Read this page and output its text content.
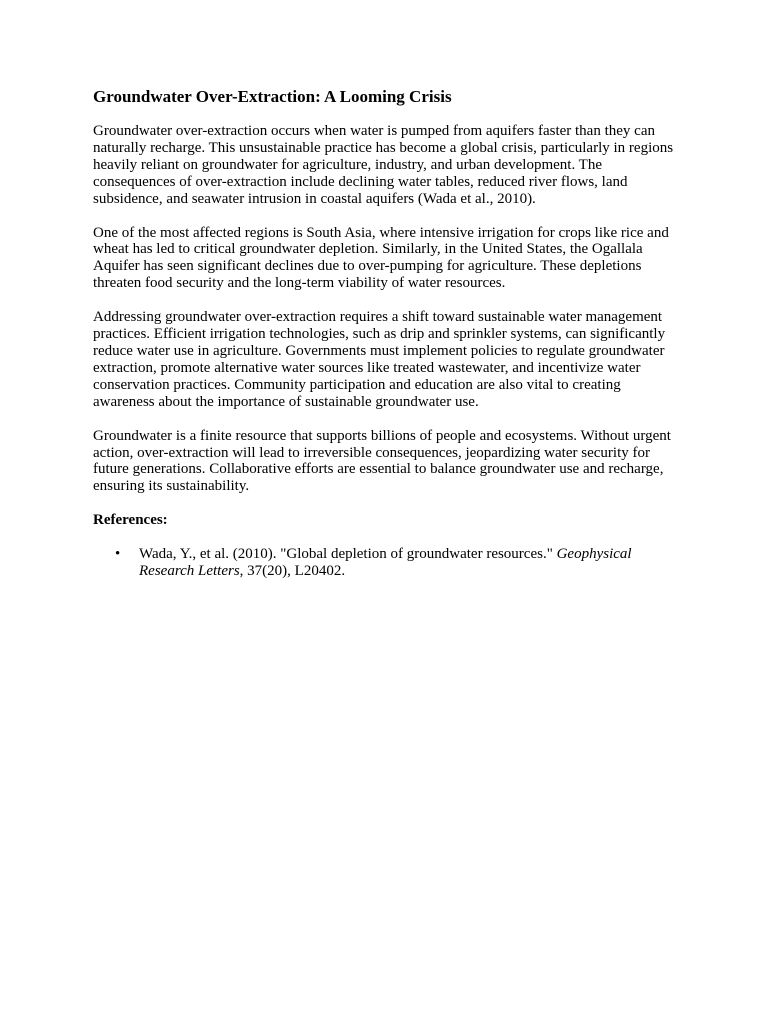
Groundwater Over-Extraction: A Looming Crisis

Groundwater over-extraction occurs when water is pumped from aquifers faster than they can naturally recharge. This unsustainable practice has become a global crisis, particularly in regions heavily reliant on groundwater for agriculture, industry, and urban development. The consequences of over-extraction include declining water tables, reduced river flows, land subsidence, and seawater intrusion in coastal aquifers (Wada et al., 2010).

One of the most affected regions is South Asia, where intensive irrigation for crops like rice and wheat has led to critical groundwater depletion. Similarly, in the United States, the Ogallala Aquifer has seen significant declines due to over-pumping for agriculture. These depletions threaten food security and the long-term viability of water resources.

Addressing groundwater over-extraction requires a shift toward sustainable water management practices. Efficient irrigation technologies, such as drip and sprinkler systems, can significantly reduce water use in agriculture. Governments must implement policies to regulate groundwater extraction, promote alternative water sources like treated wastewater, and incentivize water conservation practices. Community participation and education are also vital to creating awareness about the importance of sustainable groundwater use.

Groundwater is a finite resource that supports billions of people and ecosystems. Without urgent action, over-extraction will lead to irreversible consequences, jeopardizing water security for future generations. Collaborative efforts are essential to balance groundwater use and recharge, ensuring its sustainability.

References:
• Wada, Y., et al. (2010). "Global depletion of groundwater resources." Geophysical Research Letters, 37(20), L20402.
